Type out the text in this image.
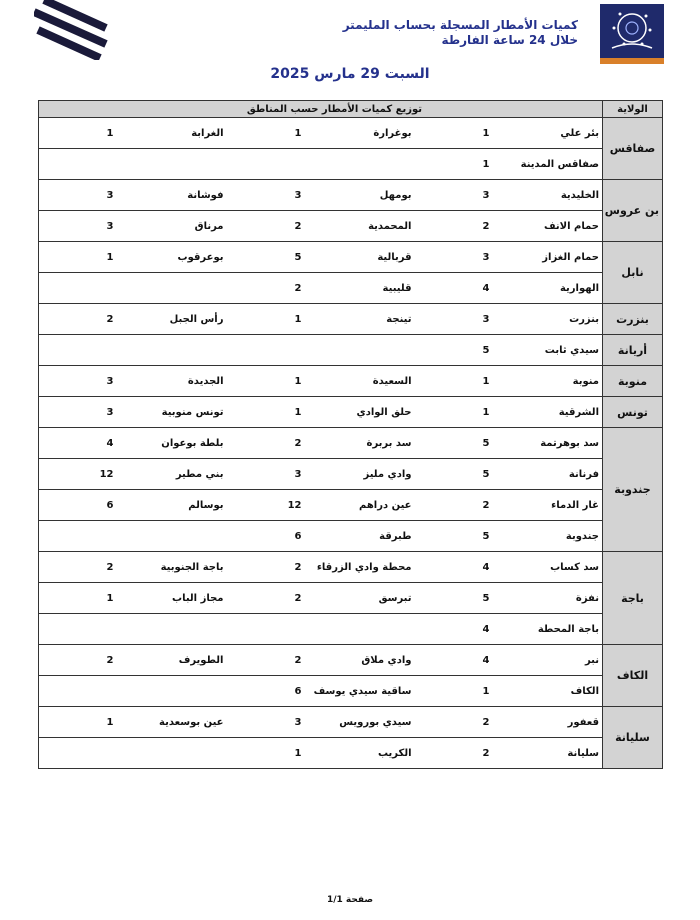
كميات الأمطار المسجلة بحساب المليمتر
خلال 24 ساعة الفارطة
السبت 29 مارس 2025
الولاية	توزيع كميات الأمطار حسب المناطق					
صفاقس	بئر علي	1	بوغرارة	1	الغرابة	1
	صفاقس المدينة	1				
بن عروس	الخليدية	3	بومهل	3	فوشانة	3
	حمام الانف	2	المحمدية	2	مرناق	3
نابل	حمام الغزاز	3	قربالية	5	بوعرقوب	1
	الهوارية	4	قليبية	2		
بنزرت	بنزرت	3	تينجة	1	رأس الجبل	2
أريانة	سيدي ثابت	5				
منوبة	منوبة	1	السعيدة	1	الجديدة	3
تونس	الشرقية	1	حلق الوادي	1	تونس منوبية	3
جندوبة	سد بوهرتمة	5	سد بربرة	2	بلطة بوعوان	4
	فرنانة	5	وادي مليز	3	بني مطير	12
	غار الدماء	2	عين دراهم	12	بوسالم	6
	جندوبة	5	طبرقة	6		
باجة	سد كساب	4	محطة وادي الزرقاء	2	باجة الجنوبية	2
	نفزة	5	تبرسق	2	مجاز الباب	1
	باجة المحطة	4				
الكاف	نبر	4	وادي ملاق	2	الطويرف	2
	الكاف	1	ساقية سيدي يوسف	6		
سليانة	قعفور	2	سيدي بورويس	3	عين بوسعدية	1
	سليانة	2	الكريب	1		
صفحة 1/1
